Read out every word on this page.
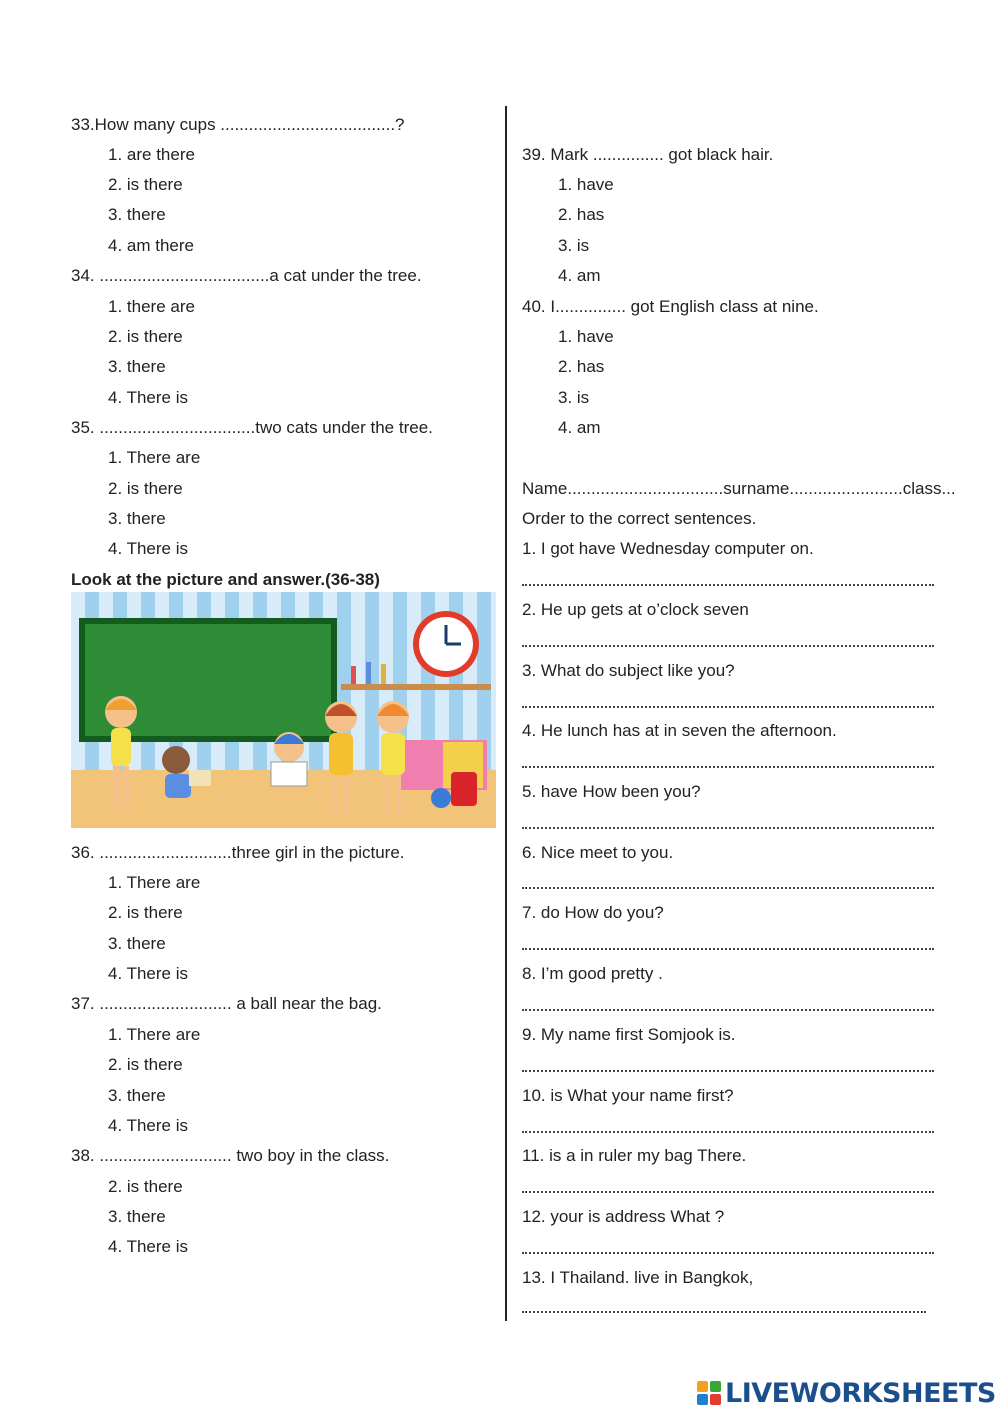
33.How many cups .....................................?

1. are there

2. is there

3. there

4. am there

34. ....................................a cat under the tree.

1. there are

2. is there

3. there

4. There is

35. .................................two cats under the tree.

1. There are

2. is there

3. there

4. There is

Look at the picture and answer.(36-38)

36. ............................three girl in the picture.

1. There are

2. is there

3. there

4. There is

37. ............................ a ball near the bag.

1. There are

2. is there

3. there

4. There is

38. ............................ two boy in the class.

2. is there

3. there

4. There is

39. Mark ............... got black hair.

1. have

2. has

3. is

4. am

40. I............... got English class at nine.

1. have

2. has

3. is

4. am

Name.................................surname........................class...

Order to the correct sentences.

1. I got have Wednesday computer on.

2. He up gets at o’clock seven

3. What do subject like you?

4. He lunch has at in seven the afternoon.

5. have How been you?

6. Nice meet to you.

7. do How do you?

8. I’m good pretty .

9. My name first Somjook is.

10. is What your name first?

11. is a in ruler my bag There.

12. your is address What ?

13. I Thailand. live in Bangkok,

LIVEWORKSHEETS
